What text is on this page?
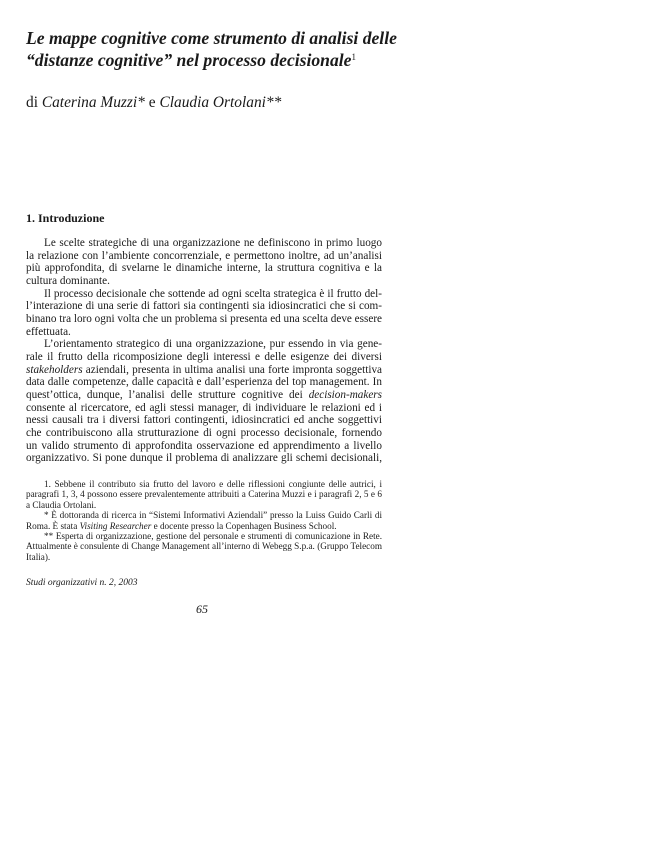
Le mappe cognitive come strumento di analisi delle “distanze cognitive” nel processo decisionale$^1$
di Caterina Muzzi* e Claudia Ortolani**
1. Introduzione

Le scelte strategiche di una organizzazione ne definiscono in primo luogo la relazione con l’ambiente concorrenziale, e permettono inoltre, ad un’analisi più approfondita, di svelarne le dinamiche interne, la struttura cognitiva e la cultura dominante.

Il processo decisionale che sottende ad ogni scelta strategica è il frutto dell’interazione di una serie di fattori sia contingenti sia idiosincratici che si combinano tra loro ogni volta che un problema si presenta ed una scelta deve essere effettuata.

L’orientamento strategico di una organizzazione, pur essendo in via generale il frutto della ricomposizione degli interessi e delle esigenze dei diversi stakeholders aziendali, presenta in ultima analisi una forte impronta soggettiva data dalle competenze, dalle capacità e dall’esperienza del top management. In quest’ottica, dunque, l’analisi delle strutture cognitive dei decision-makers consente al ricercatore, ed agli stessi manager, di individuare le relazioni ed i nessi causali tra i diversi fattori contingenti, idiosincratici ed anche soggettivi che contribuiscono alla strutturazione di ogni processo decisionale, fornendo un valido strumento di approfondita osservazione ed apprendimento a livello organizzativo. Si pone dunque il problema di analizzare gli schemi decisionali,

1. Sebbene il contributo sia frutto del lavoro e delle riflessioni congiunte delle autrici, i paragrafi 1, 3, 4 possono essere prevalentemente attribuiti a Caterina Muzzi e i paragrafi 2, 5 e 6 a Claudia Ortolani.

* È dottoranda di ricerca in “Sistemi Informativi Aziendali” presso la Luiss Guido Carli di Roma. È stata Visiting Researcher e docente presso la Copenhagen Business School.

** Esperta di organizzazione, gestione del personale e strumenti di comunicazione in Rete. Attualmente è consulente di Change Management all’interno di Webegg S.p.a. (Gruppo Telecom Italia).

Studi organizzativi n. 2, 2003
65
